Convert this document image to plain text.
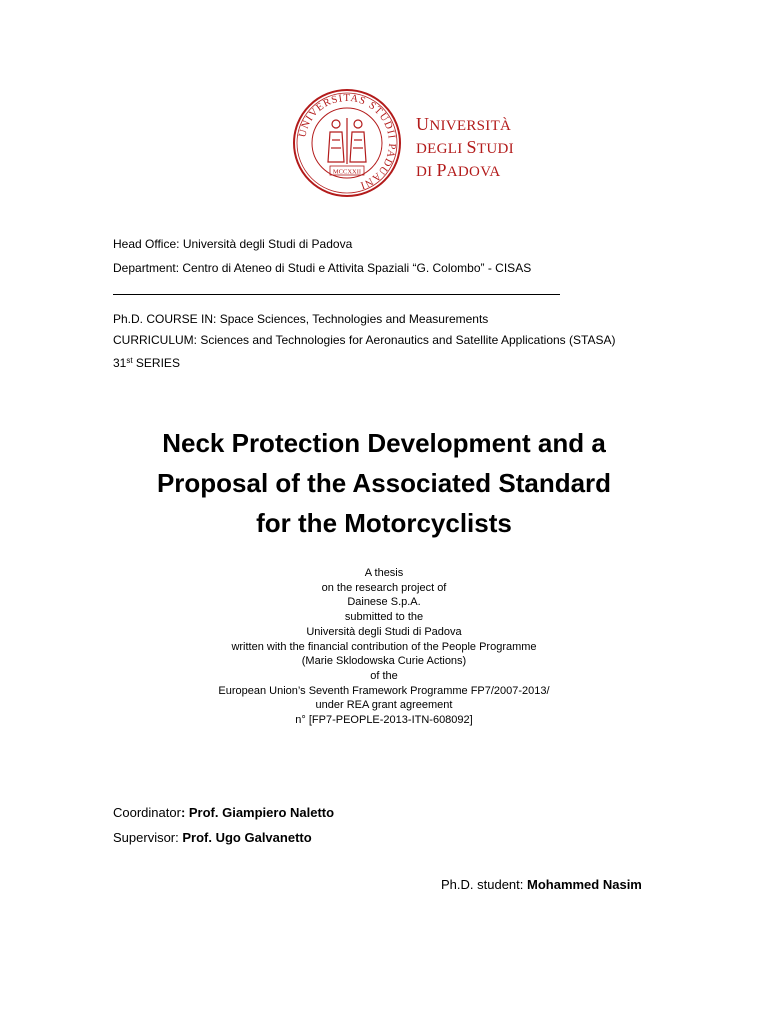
UNIVERSITAS STUDII PADUANI
MCCXXII
UNIVERSITÀ
DEGLI STUDI
DI PADOVA
Head Office: Università degli Studi di Padova
Department: Centro di Ateneo di Studi e Attivita Spaziali “G. Colombo” - CISAS
Ph.D. COURSE IN: Space Sciences, Technologies and Measurements
CURRICULUM: Sciences and Technologies for Aeronautics and Satellite Applications (STASA)
31st SERIES
Neck Protection Development and a
Proposal of the Associated Standard
for the Motorcyclists
A thesis
on the research project of
Dainese S.p.A.
submitted to the
Università degli Studi di Padova
written with the financial contribution of the People Programme
(Marie Sklodowska Curie Actions)
of the
European Union’s Seventh Framework Programme FP7/2007-2013/
under REA grant agreement
n° [FP7-PEOPLE-2013-ITN-608092]
Coordinator: Prof. Giampiero Naletto
Supervisor: Prof. Ugo Galvanetto
Ph.D. student: Mohammed Nasim
